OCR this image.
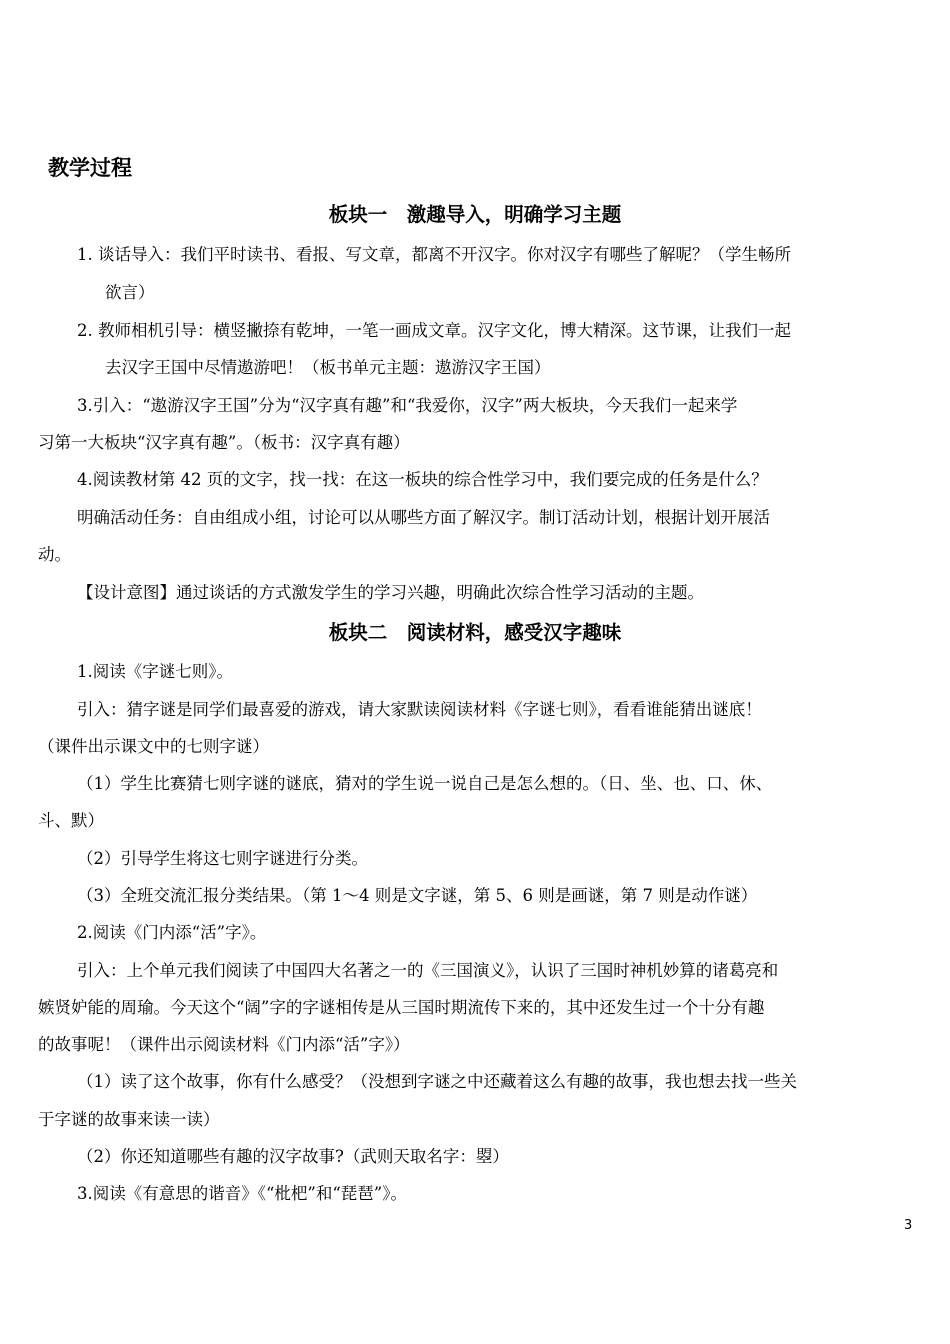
教学过程
板块一　激趣导入，明确学习主题

1. 谈话导入：我们平时读书、看报、写文章，都离不开汉字。你对汉字有哪些了解呢？（学生畅所

欲言）

2. 教师相机引导：横竖撇捺有乾坤，一笔一画成文章。汉字文化，博大精深。这节课，让我们一起

去汉字王国中尽情遨游吧！（板书单元主题：遨游汉字王国）

3.引入：“遨游汉字王国”分为“汉字真有趣”和“我爱你，汉字”两大板块，今天我们一起来学

习第一大板块“汉字真有趣”。（板书：汉字真有趣）

4.阅读教材第 42 页的文字，找一找：在这一板块的综合性学习中，我们要完成的任务是什么？

明确活动任务：自由组成小组，讨论可以从哪些方面了解汉字。制订活动计划，根据计划开展活

动。

【设计意图】通过谈话的方式激发学生的学习兴趣，明确此次综合性学习活动的主题。

板块二　阅读材料，感受汉字趣味

1.阅读《字谜七则》。

引入：猜字谜是同学们最喜爱的游戏，请大家默读阅读材料《字谜七则》，看看谁能猜出谜底！

（课件出示课文中的七则字谜）

（1）学生比赛猜七则字谜的谜底，猜对的学生说一说自己是怎么想的。（日、坐、也、口、休、

斗、默）

（2）引导学生将这七则字谜进行分类。

（3）全班交流汇报分类结果。（第 1～4 则是文字谜，第 5、6 则是画谜，第 7 则是动作谜）

2.阅读《门内添“活”字》。

引入：上个单元我们阅读了中国四大名著之一的《三国演义》，认识了三国时神机妙算的诸葛亮和

嫉贤妒能的周瑜。今天这个“阔”字的字谜相传是从三国时期流传下来的，其中还发生过一个十分有趣

的故事呢！（课件出示阅读材料《门内添“活”字》）

（1）读了这个故事，你有什么感受？（没想到字谜之中还藏着这么有趣的故事，我也想去找一些关

于字谜的故事来读一读）

（2）你还知道哪些有趣的汉字故事?（武则天取名字：曌）

3.阅读《有意思的谐音》《“枇杷”和“琵琶”》。

3
